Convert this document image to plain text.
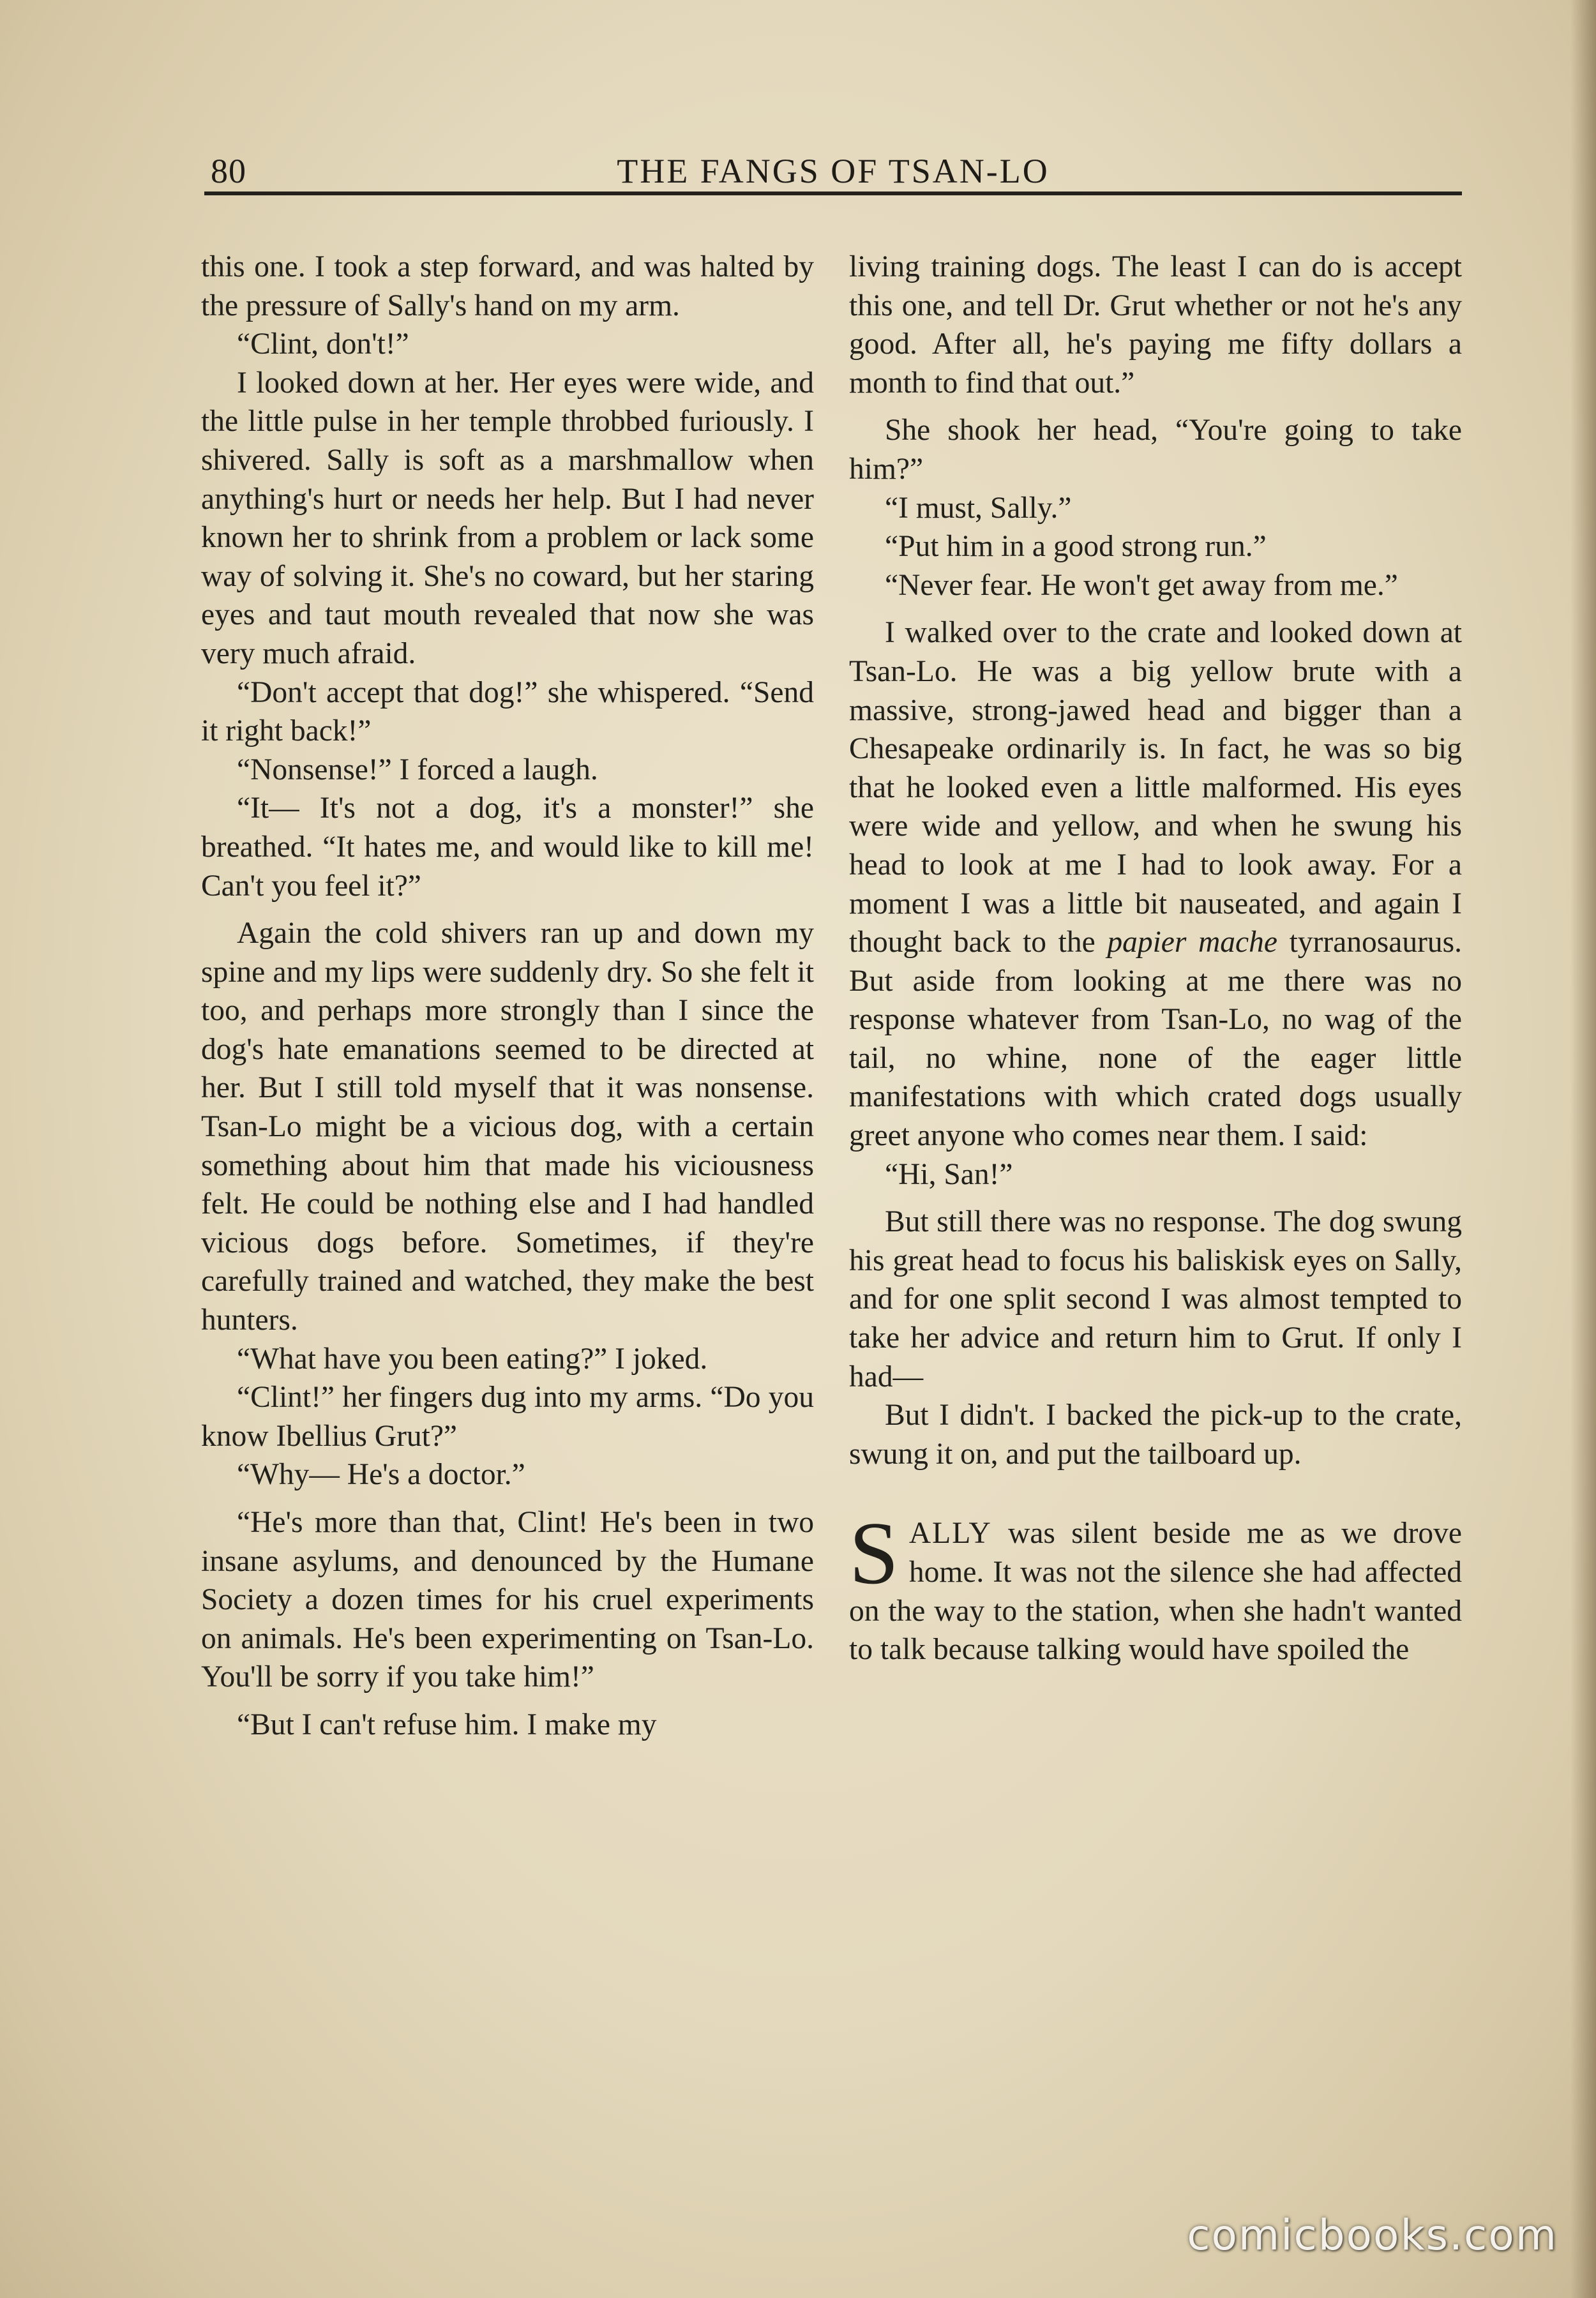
80	THE FANGS OF TSAN-LO

this one. I took a step forward, and was halted by the pressure of Sally's hand on my arm.

“Clint, don't!”

I looked down at her. Her eyes were wide, and the little pulse in her temple throbbed furiously. I shivered. Sally is soft as a marshmallow when anything's hurt or needs her help. But I had never known her to shrink from a problem or lack some way of solving it. She's no coward, but her staring eyes and taut mouth revealed that now she was very much afraid.

“Don't accept that dog!” she whispered. “Send it right back!”

“Nonsense!” I forced a laugh.

“It— It's not a dog, it's a monster!” she breathed. “It hates me, and would like to kill me! Can't you feel it?”

Again the cold shivers ran up and down my spine and my lips were suddenly dry. So she felt it too, and perhaps more strongly than I since the dog's hate emanations seemed to be directed at her. But I still told myself that it was nonsense. Tsan-Lo might be a vicious dog, with a certain something about him that made his viciousness felt. He could be nothing else and I had handled vicious dogs before. Sometimes, if they're carefully trained and watched, they make the best hunters.

“What have you been eating?” I joked.

“Clint!” her fingers dug into my arms. “Do you know Ibellius Grut?”

“Why— He's a doctor.”

“He's more than that, Clint! He's been in two insane asylums, and denounced by the Humane Society a dozen times for his cruel experiments on animals. He's been experimenting on Tsan-Lo. You'll be sorry if you take him!”

“But I can't refuse him. I make my

living training dogs. The least I can do is accept this one, and tell Dr. Grut whether or not he's any good. After all, he's paying me fifty dollars a month to find that out.”

She shook her head, “You're going to take him?”

“I must, Sally.”

“Put him in a good strong run.”

“Never fear. He won't get away from me.”

I walked over to the crate and looked down at Tsan-Lo. He was a big yellow brute with a massive, strong-jawed head and bigger than a Chesapeake ordinarily is. In fact, he was so big that he looked even a little malformed. His eyes were wide and yellow, and when he swung his head to look at me I had to look away. For a moment I was a little bit nauseated, and again I thought back to the papier mache tyrranosaurus. But aside from looking at me there was no response whatever from Tsan-Lo, no wag of the tail, no whine, none of the eager little manifestations with which crated dogs usually greet anyone who comes near them. I said:

“Hi, San!”

But still there was no response. The dog swung his great head to focus his baliskisk eyes on Sally, and for one split second I was almost tempted to take her advice and return him to Grut. If only I had—

But I didn't. I backed the pick-up to the crate, swung it on, and put the tailboard up.

SALLY was silent beside me as we drove home. It was not the silence she had affected on the way to the station, when she hadn't wanted to talk because talking would have spoiled the

comicbooks.com
